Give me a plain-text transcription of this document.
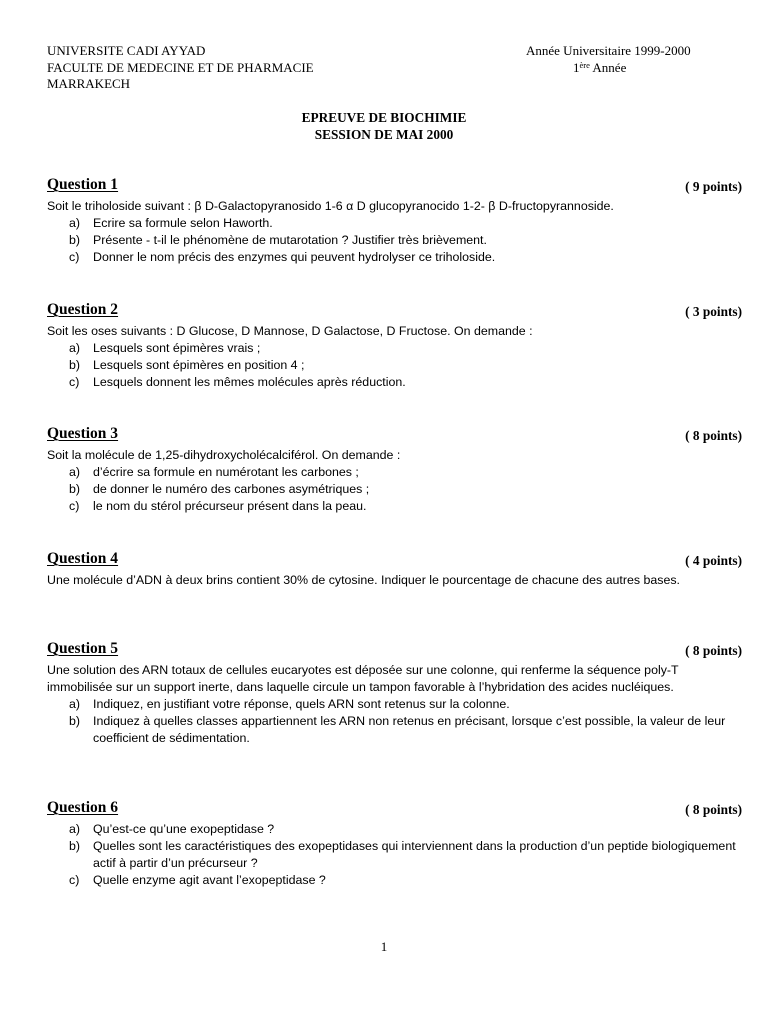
UNIVERSITE CADI AYYAD
FACULTE DE MEDECINE ET DE PHARMACIE
MARRAKECH
Année Universitaire 1999-2000
1ère Année
EPREUVE DE BIOCHIMIE
SESSION DE MAI 2000
Question 1	( 9 points)
Soit le triholoside suivant : β D-Galactopyranosido 1-6 α D glucopyranocido 1-2- β D-fructopyrannoside.
a)	Ecrire sa formule selon Haworth.
b)	Présente - t-il le phénomène de mutarotation ? Justifier très brièvement.
c)	Donner le nom précis des enzymes qui peuvent hydrolyser ce triholoside.
Question 2	( 3 points)
Soit les oses suivants : D Glucose, D Mannose, D Galactose, D Fructose. On demande :
a)	Lesquels sont épimères vrais ;
b)	Lesquels sont épimères en position 4 ;
c)	Lesquels donnent les mêmes molécules après réduction.
Question 3	( 8 points)
Soit la molécule de 1,25-dihydroxycholécalciférol. On demande :
a)	d’écrire sa formule en numérotant les carbones ;
b)	de donner le numéro des carbones asymétriques ;
c)	le nom du stérol précurseur présent dans la peau.
Question 4	( 4 points)
Une molécule d’ADN à deux brins contient 30% de cytosine. Indiquer le pourcentage de chacune des autres bases.
Question 5	( 8 points)
Une solution des ARN totaux de cellules eucaryotes est déposée sur une colonne, qui renferme la séquence poly-T immobilisée sur un support inerte, dans laquelle circule un tampon favorable à l’hybridation des acides nucléiques.
a)	Indiquez, en justifiant votre réponse, quels ARN sont retenus sur la colonne.
b)	Indiquez à quelles classes appartiennent les ARN non retenus en précisant, lorsque c’est possible, la valeur de leur coefficient de sédimentation.
Question 6	( 8 points)
a)	Qu’est-ce qu’une exopeptidase ?
b)	Quelles sont les caractéristiques des exopeptidases qui interviennent dans la production d’un peptide biologiquement actif à partir d’un précurseur ?
c)	Quelle enzyme agit avant l’exopeptidase ?
1
